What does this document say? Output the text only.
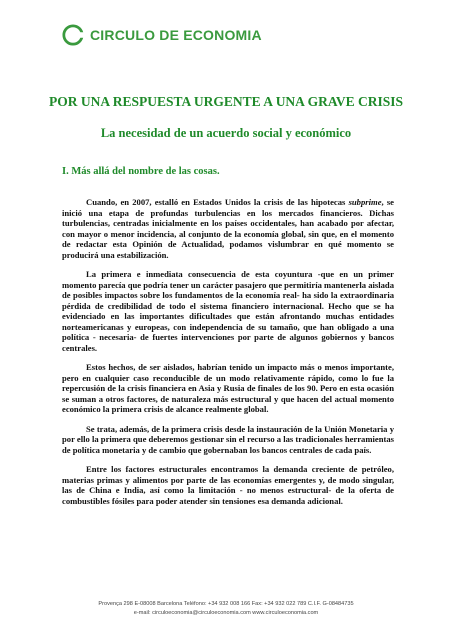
CIRCULO DE ECONOMIA
POR UNA RESPUESTA URGENTE A UNA GRAVE CRISIS
La necesidad de un acuerdo social y económico
I. Más allá del nombre de las cosas.

Cuando, en 2007, estalló en Estados Unidos la crisis de las hipotecas subprime, se inició una etapa de profundas turbulencias en los mercados financieros. Dichas turbulencias, centradas inicialmente en los países occidentales, han acabado por afectar, con mayor o menor incidencia, al conjunto de la economía global, sin que, en el momento de redactar esta Opinión de Actualidad, podamos vislumbrar en qué momento se producirá una estabilización.

La primera e inmediata consecuencia de esta coyuntura -que en un primer momento parecía que podría tener un carácter pasajero que permitiría mantenerla aislada de posibles impactos sobre los fundamentos de la economía real- ha sido la extraordinaria pérdida de credibilidad de todo el sistema financiero internacional. Hecho que se ha evidenciado en las importantes dificultades que están afrontando muchas entidades norteamericanas y europeas, con independencia de su tamaño, que han obligado a una política - necesaria- de fuertes intervenciones por parte de algunos gobiernos y bancos centrales.

Estos hechos, de ser aislados, habrían tenido un impacto más o menos importante, pero en cualquier caso reconducible de un modo relativamente rápido, como lo fue la repercusión de la crisis financiera en Asia y Rusia de finales de los 90. Pero en esta ocasión se suman a otros factores, de naturaleza más estructural y que hacen del actual momento económico la primera crisis de alcance realmente global.

Se trata, además, de la primera crisis desde la instauración de la Unión Monetaria y por ello la primera que deberemos gestionar sin el recurso a las tradicionales herramientas de política monetaria y de cambio que gobernaban los bancos centrales de cada país.

Entre los factores estructurales encontramos la demanda creciente de petróleo, materias primas y alimentos por parte de las economías emergentes y, de modo singular, las de China e India, así como la limitación - no menos estructural- de la oferta de combustibles fósiles para poder atender sin tensiones esa demanda adicional.

Provença 298 E-08008 Barcelona Teléfono: +34 932 008 166 Fax: +34 932 022 789 C.I.F. G-08484735
e-mail: circuloeconomia@circuloeconomia.com www.circuloeconomia.com
